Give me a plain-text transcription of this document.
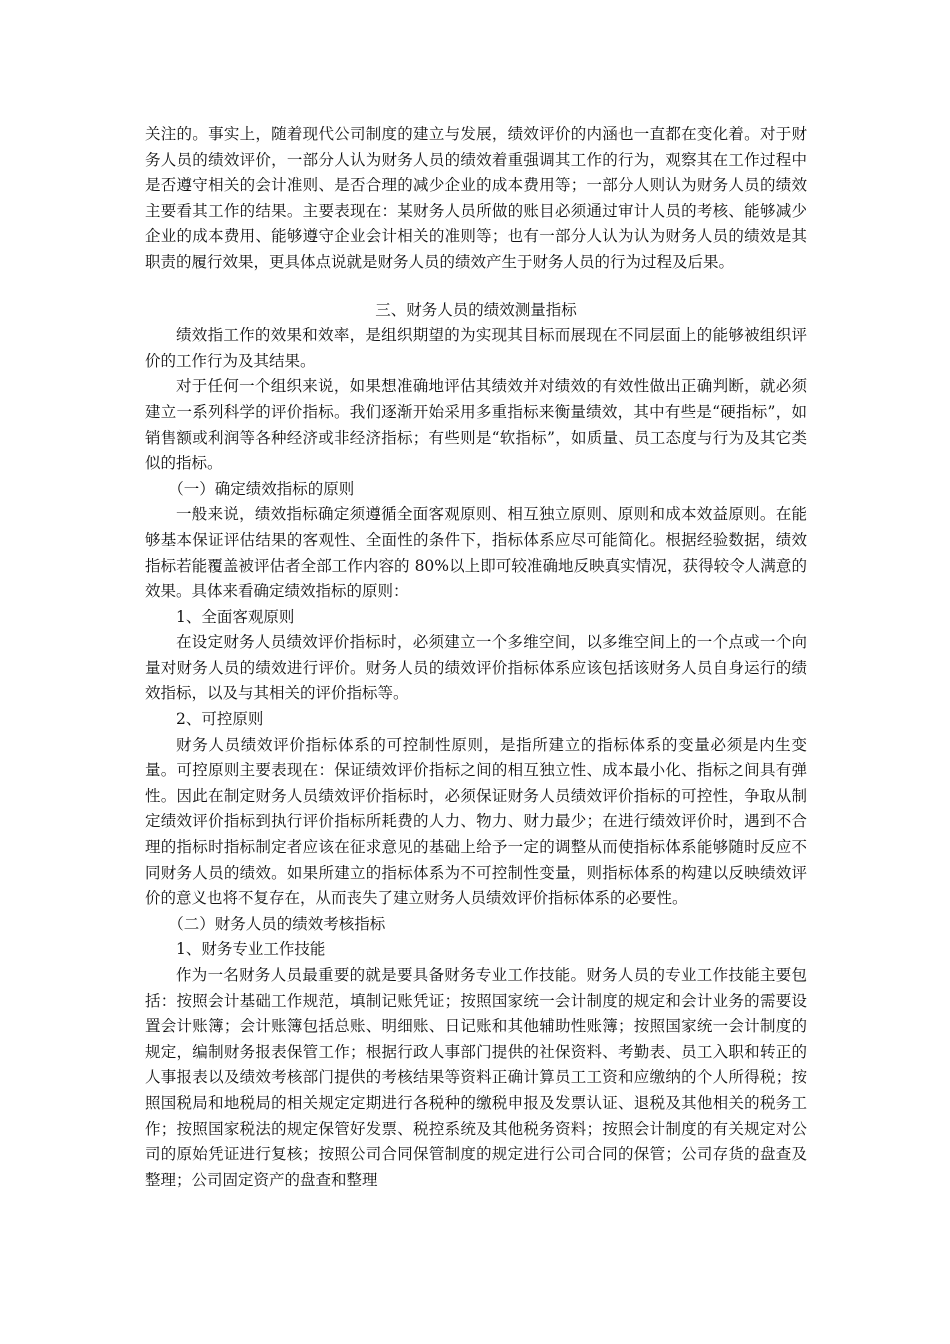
关注的。事实上，随着现代公司制度的建立与发展，绩效评价的内涵也一直都在变化着。对于财务人员的绩效评价，一部分人认为财务人员的绩效着重强调其工作的行为，观察其在工作过程中是否遵守相关的会计准则、是否合理的减少企业的成本费用等；一部分人则认为财务人员的绩效主要看其工作的结果。主要表现在：某财务人员所做的账目必须通过审计人员的考核、能够减少企业的成本费用、能够遵守企业会计相关的准则等；也有一部分人认为认为财务人员的绩效是其职责的履行效果，更具体点说就是财务人员的绩效产生于财务人员的行为过程及后果。

三、财务人员的绩效测量指标

绩效指工作的效果和效率，是组织期望的为实现其目标而展现在不同层面上的能够被组织评价的工作行为及其结果。

对于任何一个组织来说，如果想准确地评估其绩效并对绩效的有效性做出正确判断，就必须建立一系列科学的评价指标。我们逐渐开始采用多重指标来衡量绩效，其中有些是“硬指标”，如销售额或利润等各种经济或非经济指标；有些则是“软指标”，如质量、员工态度与行为及其它类似的指标。

（一）确定绩效指标的原则

一般来说，绩效指标确定须遵循全面客观原则、相互独立原则、原则和成本效益原则。在能够基本保证评估结果的客观性、全面性的条件下，指标体系应尽可能简化。根据经验数据，绩效指标若能覆盖被评估者全部工作内容的 80%以上即可较准确地反映真实情况，获得较令人满意的效果。具体来看确定绩效指标的原则：

1、全面客观原则

在设定财务人员绩效评价指标时，必须建立一个多维空间，以多维空间上的一个点或一个向量对财务人员的绩效进行评价。财务人员的绩效评价指标体系应该包括该财务人员自身运行的绩效指标，以及与其相关的评价指标等。

2、可控原则

财务人员绩效评价指标体系的可控制性原则，是指所建立的指标体系的变量必须是内生变量。可控原则主要表现在：保证绩效评价指标之间的相互独立性、成本最小化、指标之间具有弹性。因此在制定财务人员绩效评价指标时，必须保证财务人员绩效评价指标的可控性，争取从制定绩效评价指标到执行评价指标所耗费的人力、物力、财力最少；在进行绩效评价时，遇到不合理的指标时指标制定者应该在征求意见的基础上给予一定的调整从而使指标体系能够随时反应不同财务人员的绩效。如果所建立的指标体系为不可控制性变量，则指标体系的构建以反映绩效评价的意义也将不复存在，从而丧失了建立财务人员绩效评价指标体系的必要性。

（二）财务人员的绩效考核指标

1、财务专业工作技能

作为一名财务人员最重要的就是要具备财务专业工作技能。财务人员的专业工作技能主要包括：按照会计基础工作规范，填制记账凭证；按照国家统一会计制度的规定和会计业务的需要设置会计账簿；会计账簿包括总账、明细账、日记账和其他辅助性账簿；按照国家统一会计制度的规定，编制财务报表保管工作；根据行政人事部门提供的社保资料、考勤表、员工入职和转正的人事报表以及绩效考核部门提供的考核结果等资料正确计算员工工资和应缴纳的个人所得税；按照国税局和地税局的相关规定定期进行各税种的缴税申报及发票认证、退税及其他相关的税务工作；按照国家税法的规定保管好发票、税控系统及其他税务资料；按照会计制度的有关规定对公司的原始凭证进行复核；按照公司合同保管制度的规定进行公司合同的保管；公司存货的盘查及整理；公司固定资产的盘查和整理
